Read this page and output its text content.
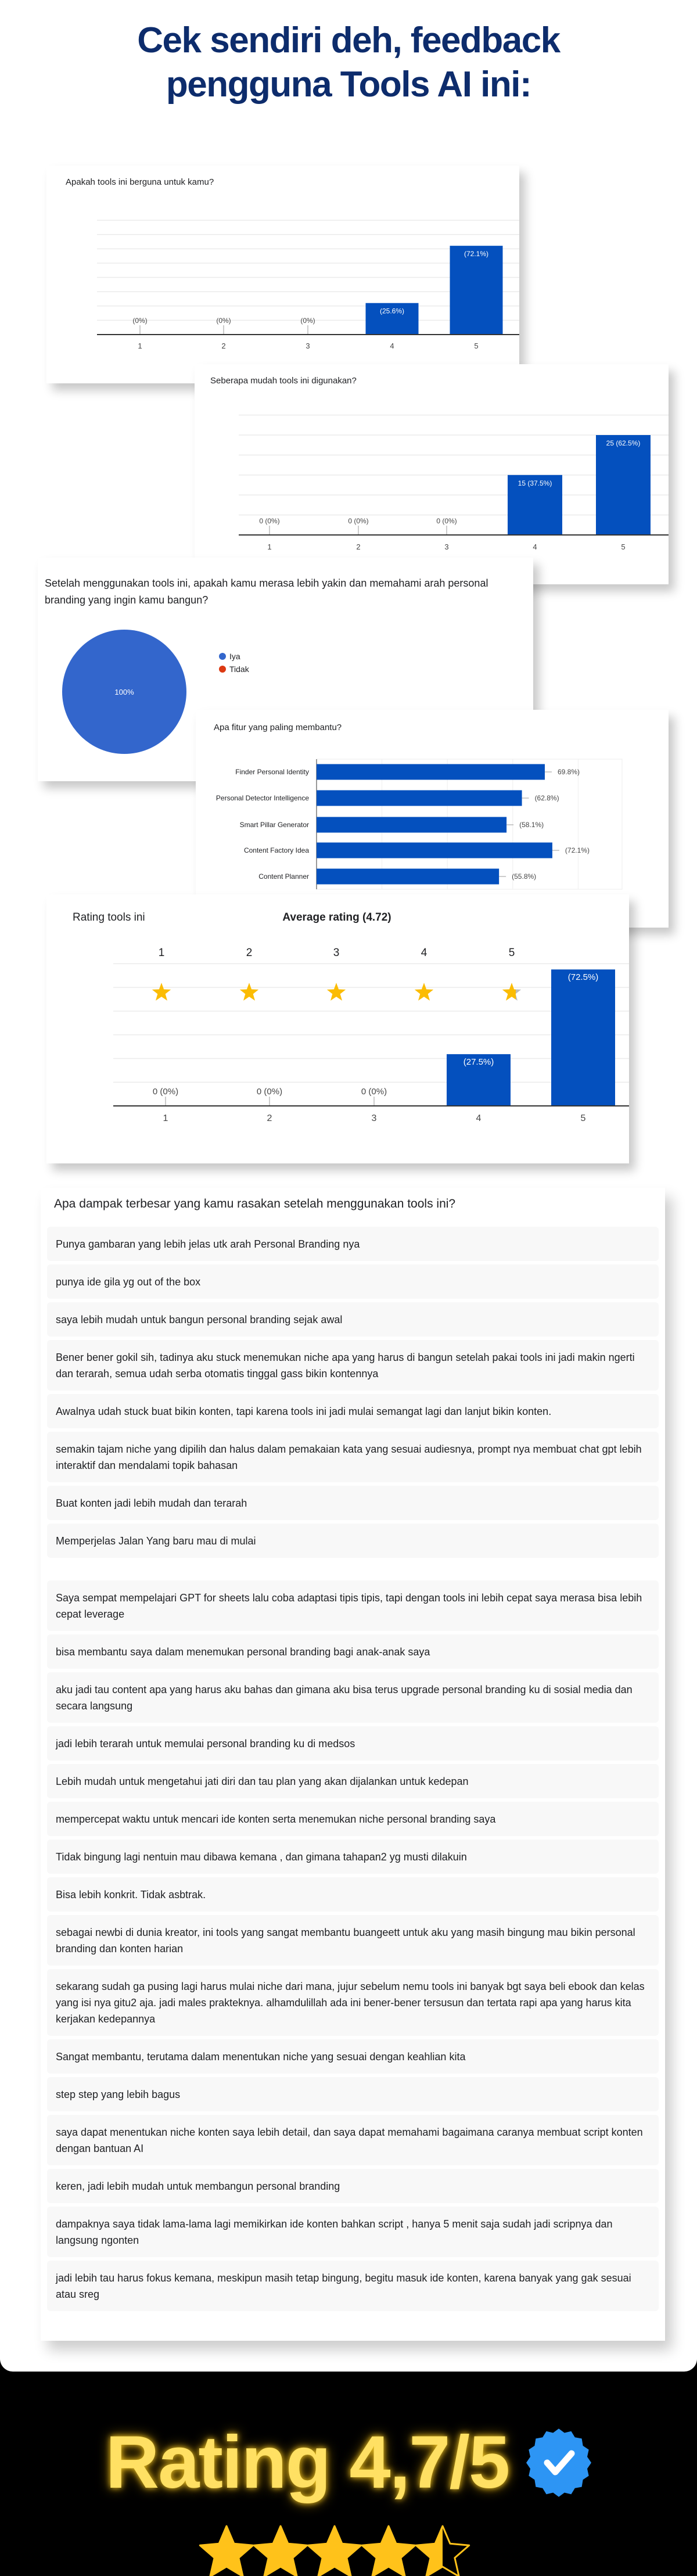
Cek sendiri deh, feedback
pengguna Tools AI ini:
Apakah tools ini berguna untuk kamu?
(0%)
1
(0%)
2
(0%)
3
(25.6%)
4
(72.1%)
5
Seberapa mudah tools ini digunakan?
0 (0%)
1
0 (0%)
2
0 (0%)
3
15 (37.5%)
4
25 (62.5%)
5
Setelah menggunakan tools ini, apakah kamu merasa lebih yakin dan memahami arah personal
branding yang ingin kamu bangun?
100%
Iya
Tidak
Apa fitur yang paling membantu?
69.8%)
Finder Personal Identity
(62.8%)
Personal Detector Intelligence
(58.1%)
Smart Pillar Generator
(72.1%)
Content Factory Idea
(55.8%)
Content Planner
Rating tools ini	Average rating (4.72)
0 (0%)
1
0 (0%)
2
0 (0%)
3
(27.5%)
4
(72.5%)
5
1	2	3	4	5
Apa dampak terbesar yang kamu rasakan setelah menggunakan tools ini?
Punya gambaran yang lebih jelas utk arah Personal Branding nya
punya ide gila yg out of the box
saya lebih mudah untuk bangun personal branding sejak awal
Bener bener gokil sih, tadinya aku stuck menemukan niche apa yang harus di bangun setelah pakai tools ini jadi makin ngerti dan terarah, semua udah serba otomatis tinggal gass bikin kontennya
Awalnya udah stuck buat bikin konten, tapi karena tools ini jadi mulai semangat lagi dan lanjut bikin konten.
semakin tajam niche yang dipilih dan halus dalam pemakaian kata yang sesuai audiesnya, prompt nya membuat chat gpt lebih interaktif dan mendalami topik bahasan
Buat konten jadi lebih mudah dan terarah
Memperjelas Jalan Yang baru mau di mulai
Saya sempat mempelajari GPT for sheets lalu coba adaptasi tipis tipis, tapi dengan tools ini lebih cepat saya merasa bisa lebih cepat leverage
bisa membantu saya dalam menemukan personal branding bagi anak-anak saya
aku jadi tau content apa yang harus aku bahas dan gimana aku bisa terus upgrade personal branding ku di sosial media dan secara langsung
jadi lebih terarah untuk memulai personal branding ku di medsos
Lebih mudah untuk mengetahui jati diri dan tau plan yang akan dijalankan untuk kedepan
mempercepat waktu untuk mencari ide konten serta menemukan niche personal branding saya
Tidak bingung lagi nentuin mau dibawa kemana , dan gimana tahapan2 yg musti dilakuin
Bisa lebih konkrit. Tidak asbtrak.
sebagai newbi di dunia kreator, ini tools yang sangat membantu buangeett untuk aku yang masih bingung mau bikin personal branding dan konten harian
sekarang sudah ga pusing lagi harus mulai niche dari mana, jujur sebelum nemu tools ini banyak bgt saya beli ebook dan kelas yang isi nya gitu2 aja. jadi males prakteknya. alhamdulillah ada ini bener-bener tersusun dan tertata rapi apa yang harus kita kerjakan kedepannya
Sangat membantu, terutama dalam menentukan niche yang sesuai dengan keahlian kita
step step yang lebih bagus
saya dapat menentukan niche konten saya lebih detail, dan saya dapat memahami bagaimana caranya membuat script konten dengan bantuan AI
keren, jadi lebih mudah untuk membangun personal branding
dampaknya saya tidak lama-lama lagi memikirkan ide konten bahkan script , hanya 5 menit saja sudah jadi scripnya dan langsung ngonten
jadi lebih tau harus fokus kemana, meskipun masih tetap bingung, begitu masuk ide konten, karena banyak yang gak sesuai atau sreg
Rating 4,7/5
